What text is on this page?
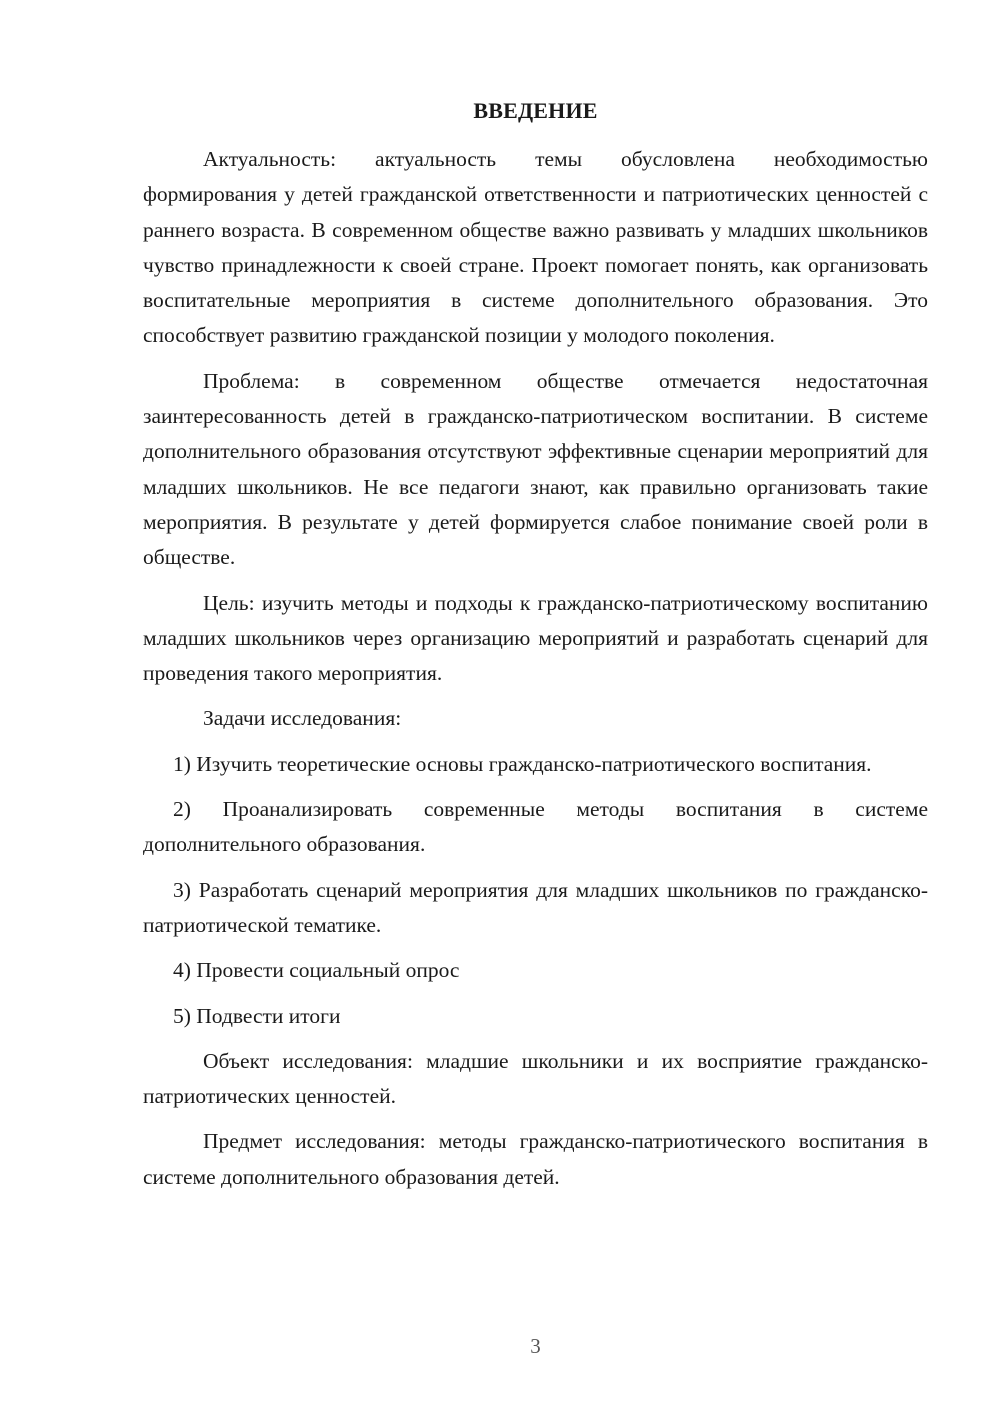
ВВЕДЕНИЕ

Актуальность: актуальность темы обусловлена необходимостью формирования у детей гражданской ответственности и патриотических ценностей с раннего возраста. В современном обществе важно развивать у младших школьников чувство принадлежности к своей стране. Проект помогает понять, как организовать воспитательные мероприятия в системе дополнительного образования. Это способствует развитию гражданской позиции у молодого поколения.

Проблема: в современном обществе отмечается недостаточная заинтересованность детей в гражданско-патриотическом воспитании. В системе дополнительного образования отсутствуют эффективные сценарии мероприятий для младших школьников. Не все педагоги знают, как правильно организовать такие мероприятия. В результате у детей формируется слабое понимание своей роли в обществе.

Цель: изучить методы и подходы к гражданско-патриотическому воспитанию младших школьников через организацию мероприятий и разработать сценарий для проведения такого мероприятия.

Задачи исследования:

1) Изучить теоретические основы гражданско-патриотического воспитания.

2) Проанализировать современные методы воспитания в системе дополнительного образования.

3) Разработать сценарий мероприятия для младших школьников по гражданско-патриотической тематике.

4) Провести социальный опрос

5) Подвести итоги

Объект исследования: младшие школьники и их восприятие гражданско-патриотических ценностей.

Предмет исследования: методы гражданско-патриотического воспитания в системе дополнительного образования детей.

3
